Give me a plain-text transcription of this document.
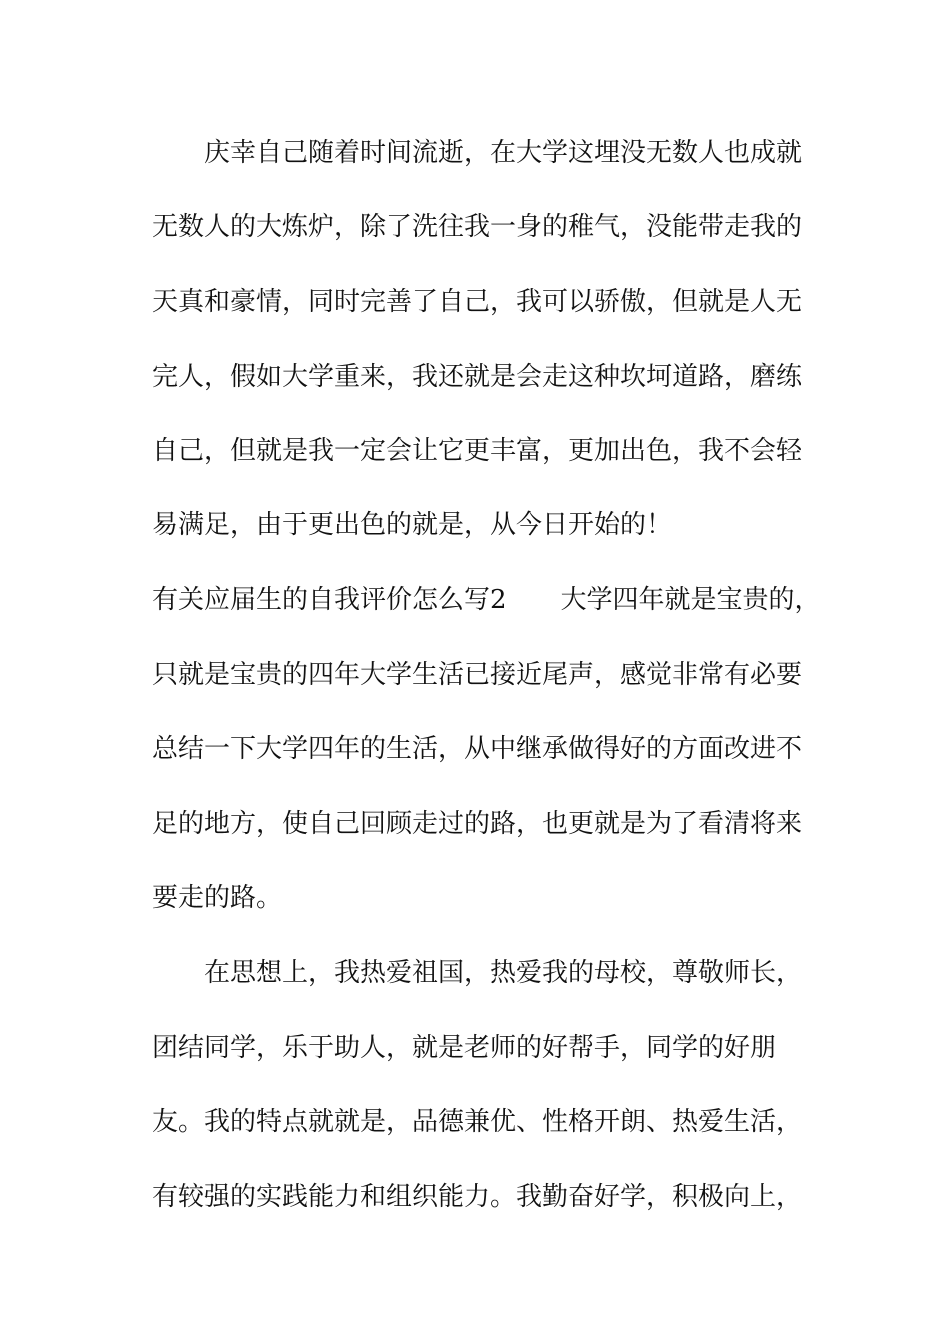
庆幸自己随着时间流逝，在大学这埋没无数人也成就

无数人的大炼炉，除了洗往我一身的稚气，没能带走我的

天真和豪情，同时完善了自己，我可以骄傲，但就是人无

完人，假如大学重来，我还就是会走这种坎坷道路，磨练

自己，但就是我一定会让它更丰富，更加出色，我不会轻

易满足，由于更出色的就是，从今日开始的！

有关应届生的自我评价怎么写2 大学四年就是宝贵的，

只就是宝贵的四年大学生活已接近尾声，感觉非常有必要

总结一下大学四年的生活，从中继承做得好的方面改进不

足的地方，使自己回顾走过的路，也更就是为了看清将来

要走的路。

在思想上，我热爱祖国，热爱我的母校，尊敬师长，

团结同学，乐于助人，就是老师的好帮手，同学的好朋

友。我的特点就就是，品德兼优、性格开朗、热爱生活，

有较强的实践能力和组织能力。我勤奋好学，积极向上，
